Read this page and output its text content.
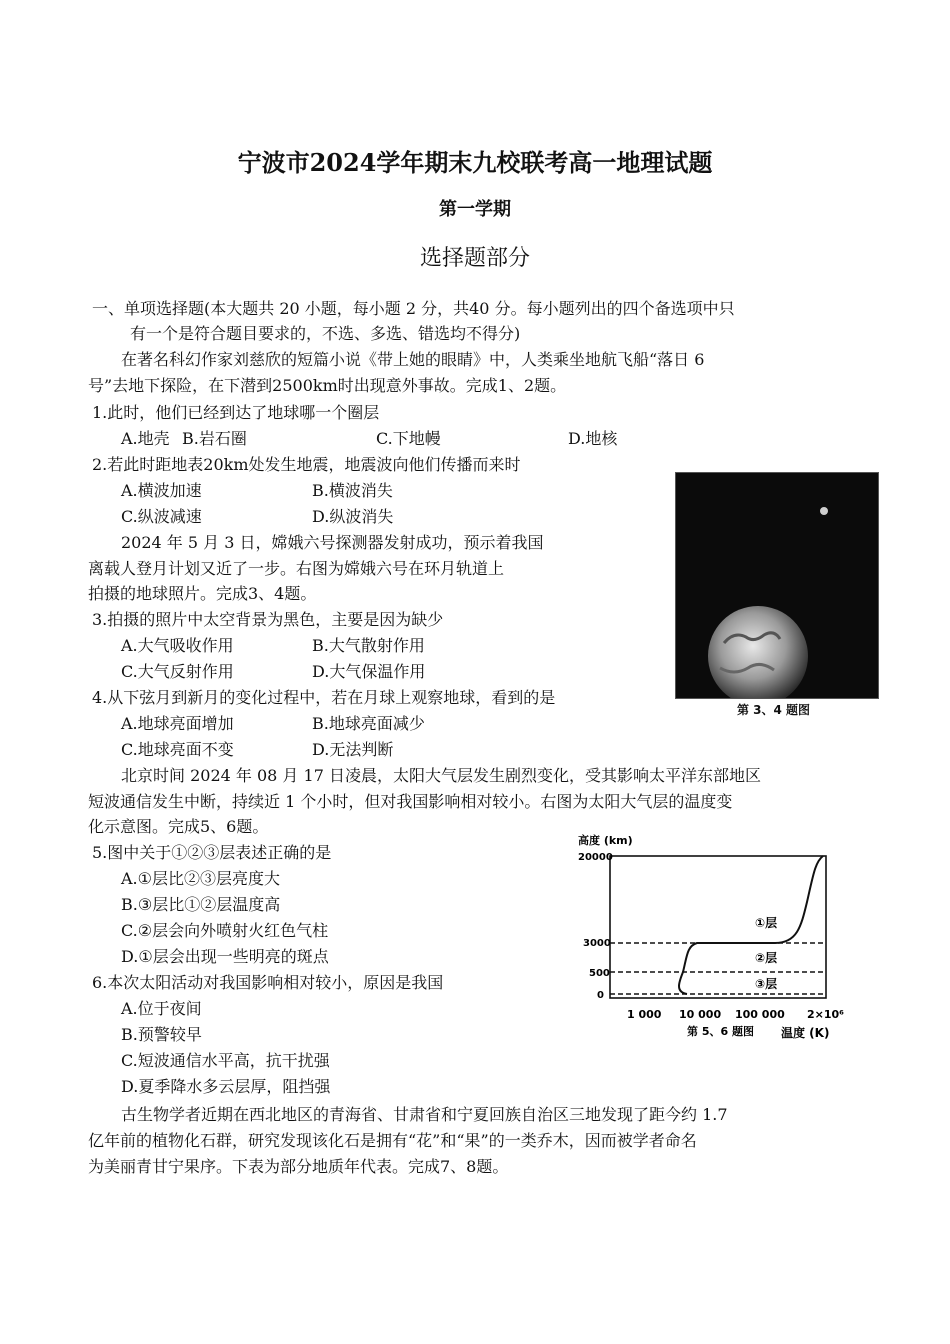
宁波市2024学年期末九校联考高一地理试题
第一学期
选择题部分
一、单项选择题(本大题共 20 小题，每小题 2 分，共40 分。每小题列出的四个备选项中只
有一个是符合题目要求的，不选、多选、错选均不得分)
在著名科幻作家刘慈欣的短篇小说《带上她的眼睛》中，人类乘坐地航飞船“落日 6
号”去地下探险，在下潜到2500km时出现意外事故。完成1、2题。
1.此时，他们已经到达了地球哪一个圈层
A.地壳 B.岩石圈	C.下地幔	D.地核
2.若此时距地表20km处发生地震，地震波向他们传播而来时
A.横波加速	B.横波消失
C.纵波减速	D.纵波消失
2024 年 5 月 3 日，嫦娥六号探测器发射成功，预示着我国
离载人登月计划又近了一步。右图为嫦娥六号在环月轨道上
拍摄的地球照片。完成3、4题。
3.拍摄的照片中太空背景为黑色，主要是因为缺少
A.大气吸收作用	B.大气散射作用
C.大气反射作用	D.大气保温作用
4.从下弦月到新月的变化过程中，若在月球上观察地球，看到的是
A.地球亮面增加	B.地球亮面减少
C.地球亮面不变	D.无法判断
第 3、4 题图
北京时间 2024 年 08 月 17 日凌晨，太阳大气层发生剧烈变化，受其影响太平洋东部地区
短波通信发生中断，持续近 1 个小时，但对我国影响相对较小。右图为太阳大气层的温度变
化示意图。完成5、6题。
5.图中关于①②③层表述正确的是
A.①层比②③层亮度大
B.③层比①②层温度高
C.②层会向外喷射火红色气柱
D.①层会出现一些明亮的斑点
6.本次太阳活动对我国影响相对较小，原因是我国
A.位于夜间
B.预警较早
C.短波通信水平高，抗干扰强
D.夏季降水多云层厚，阻挡强
高度 (km)
20000
3000
500
0
①层
②层
③层
1 000 10 000 100 000 2×10⁶
第 5、6 题图 温度 (K)
古生物学者近期在西北地区的青海省、甘肃省和宁夏回族自治区三地发现了距今约 1.7
亿年前的植物化石群，研究发现该化石是拥有“花”和“果”的一类乔木，因而被学者命名
为美丽青甘宁果序。下表为部分地质年代表。完成7、8题。
